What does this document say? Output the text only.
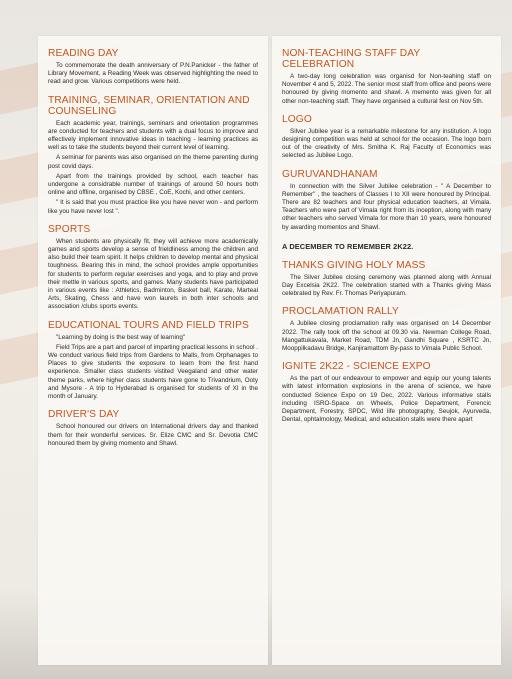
READING DAY

To commemorate the death anniversary of P.N.Panicker - the father of Library Movement, a Reading Week was observed highlighting the need to read and grow. Various competitions were held.

TRAINING, SEMINAR, ORIENTATION AND COUNSELING

Each academic year, trainings, seminars and orientation programmes are conducted for teachers and students with a dual focus to improve and effectively implement innovative ideas in teaching - learning practices as well as to take the students beyond their current level of learning.

A seminar for parents was also organised on the theme parenting during post covid days.

Apart from the trainings provided by school, each teacher has undergone a considrable number of trainings of around 50 hours both online and offline, organised by CBSE , CoE, Kochi, and other centers.

" It is said that you must practice like you have never won - and perform like you have never lost ".

SPORTS

When students are physically fit, they will achieve more academically games and sports develop a sense of frieldliness among the children and also build their team spirit. It helps children to develop mental and physical toughness. Bearing this in mind, the school provides ample opportunities for students to perform regular exercises and yoga, and to play and prove their mettle in various sports, and games. Many students have participated in various events like : Athletics, Badminton, Basket ball, Karate, Marteal Arts, Skating, Chess and have won laurels in both inter schools and association /clubs sports events.

EDUCATIONAL TOURS AND FIELD TRIPS

"Learning by doing is the best way of learning"

Field Trips are a part and parcel of imparting practical lessons in school . We conduct various field trips from Gardens to Malls, from Orphanages to Places to give students the exposure to learn from the first hand experience. Smaller class students vistited Veegaland and other water theme parks, where higher class students have gone to Trivandrium, Ooty and Mysore - A trip to Hyderabad is organised for students of XI in the month of January.

DRIVER'S DAY

School honoured our drivers on International drivers day and thanked them for their wonderful services. Sr. Elize CMC and Sr. Devotia CMC honoured them by giving momento and Shawl.

NON-TEACHING STAFF DAY CELEBRATION

A two-day long celebration was organisd for Non-teahing staff on November 4 and 5, 2022. The senior most staff from office and peons were honoured by giving momento and shawl. A memento was given for all other non-teaching staff. They have organised a cultural fest on Nov 5th.

LOGO

Silver Jubilee year is a remarkable milestone for any institution. A logo desigining competition was held at school for the occasion. The logo born out of the creativity of Mrs. Smitha K. Raj Faculty of Economics was selected as Jubilee Logo.

GURUVANDHANAM

In connection with the Silver Jubilee celebration - " A December to Remember" , the teachers of Classes I to XII were honoured by Principal. There are 82 teachers and four physical education teachers, at Vimala. Teachers who were part of Vimala right from its inception, along with many other teachers who served Vimala for more than 10 years, were honoured by awarding momentos and Shawl.

A DECEMBER TO REMEMBER 2K22.
THANKS GIVING HOLY MASS

The Silver Jubilee closing ceremony was planned along with Annual Day Excelsia 2K22. The celebration started with a Thanks giving Mass celebrated by Rev. Fr. Thomas Periyapuram.

PROCLAMATION RALLY

A Jubilee closing proclamation rally was organised on 14 December 2022. The rally took off the school at 09.30 via. Newman College Road, Mangattukavala, Market Road, TDM Jn, Gandhi Square , KSRTC Jn, Mooppilkadavu Bridge, Kanjiramattom By-pass to Vimala Public School.

IGNITE 2K22 - SCIENCE EXPO

As the part of our endeavour to empower and equip our young talents with latest information explosions in the arena of science, we have conducted Science Expo on 19 Dec, 2022. Various informative stalls including ISRO-Space on Wheels, Police Department, Forencic Department, Forestry, SPDC, Wild life photography, Seujok, Ayurveda, Dental, ophtalmology, Medical, and education stalls were there apart
